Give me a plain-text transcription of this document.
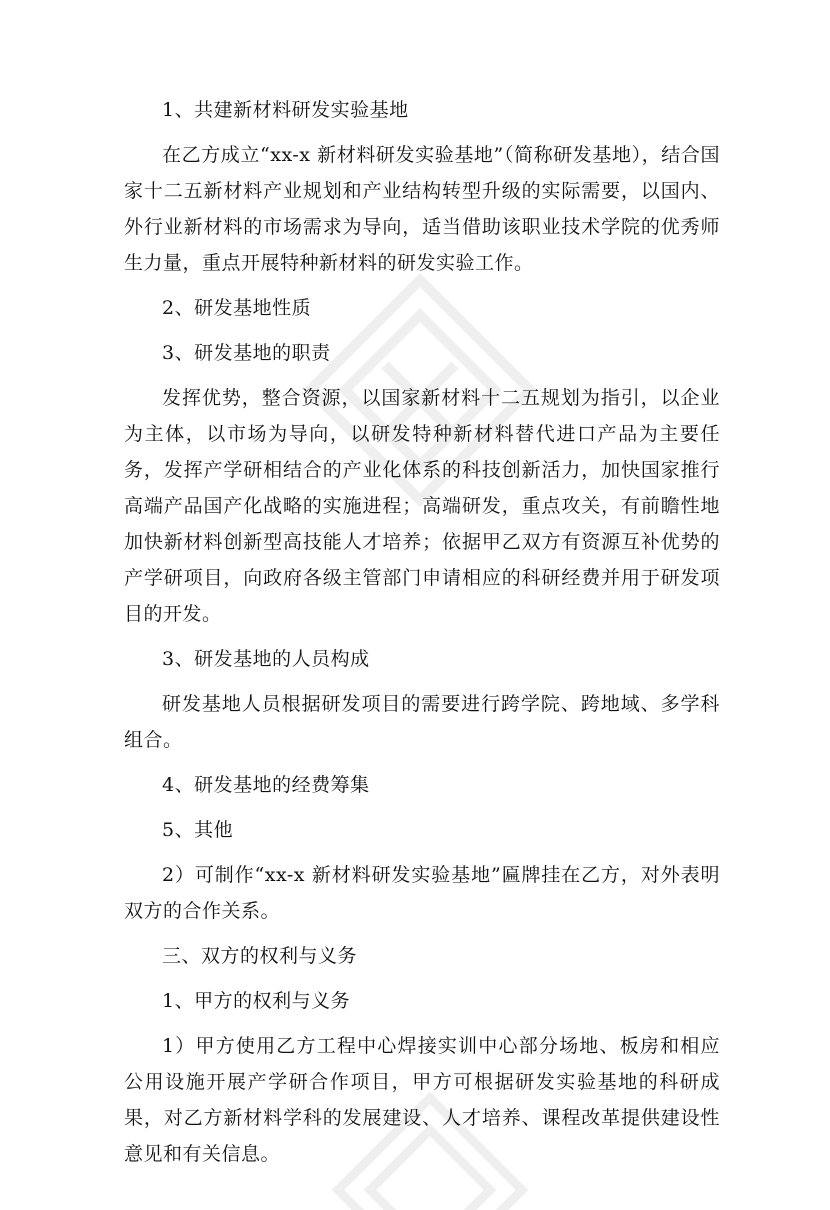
1、共建新材料研发实验基地

在乙方成立“xx-x 新材料研发实验基地”（简称研发基地），结合国家十二五新材料产业规划和产业结构转型升级的实际需要，以国内、外行业新材料的市场需求为导向，适当借助该职业技术学院的优秀师生力量，重点开展特种新材料的研发实验工作。

2、研发基地性质

3、研发基地的职责

发挥优势，整合资源，以国家新材料十二五规划为指引，以企业为主体，以市场为导向，以研发特种新材料替代进口产品为主要任务，发挥产学研相结合的产业化体系的科技创新活力，加快国家推行高端产品国产化战略的实施进程；高端研发，重点攻关，有前瞻性地加快新材料创新型高技能人才培养；依据甲乙双方有资源互补优势的产学研项目，向政府各级主管部门申请相应的科研经费并用于研发项目的开发。

3、研发基地的人员构成

研发基地人员根据研发项目的需要进行跨学院、跨地域、多学科组合。

4、研发基地的经费筹集

5、其他

2）可制作“xx-x 新材料研发实验基地”匾牌挂在乙方，对外表明双方的合作关系。

三、双方的权利与义务

1、甲方的权利与义务

1）甲方使用乙方工程中心焊接实训中心部分场地、板房和相应公用设施开展产学研合作项目，甲方可根据研发实验基地的科研成果，对乙方新材料学科的发展建设、人才培养、课程改革提供建设性意见和有关信息。
